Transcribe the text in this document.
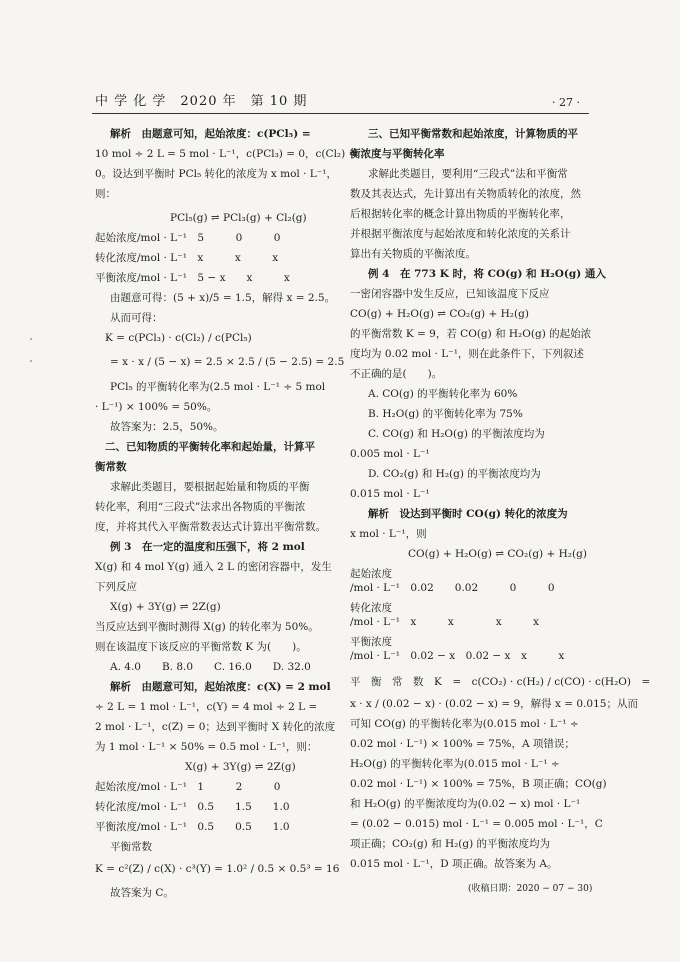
中 学 化 学　2020 年　第 10 期	· 27 ·
解析　由题意可知，起始浓度：c(PCl₅) =
10 mol ÷ 2 L = 5 mol · L⁻¹，c(PCl₃) = 0，c(Cl₂) =
0。设达到平衡时 PCl₅ 转化的浓度为 x mol · L⁻¹，
则：
PCl₅(g) ⇌ PCl₃(g) + Cl₂(g)
起始浓度/mol · L⁻¹　5　　　0　　　0
转化浓度/mol · L⁻¹　x　　　x　　　x
平衡浓度/mol · L⁻¹　5 − x　　x　　　x
由题意可得：(5 + x)/5 = 1.5，解得 x = 2.5。
从而可得：
K = c(PCl₃) · c(Cl₂) / c(PCl₅)
= x · x / (5 − x) = 2.5 × 2.5 / (5 − 2.5) = 2.5
PCl₅ 的平衡转化率为(2.5 mol · L⁻¹ ÷ 5 mol
· L⁻¹) × 100% = 50%。
故答案为：2.5，50%。
二、已知物质的平衡转化率和起始量，计算平
衡常数
求解此类题目，要根据起始量和物质的平衡
转化率，利用“三段式”法求出各物质的平衡浓
度，并将其代入平衡常数表达式计算出平衡常数。
例 3　在一定的温度和压强下，将 2 mol
X(g) 和 4 mol Y(g) 通入 2 L 的密闭容器中，发生
下列反应
X(g) + 3Y(g) ⇌ 2Z(g)
当反应达到平衡时测得 X(g) 的转化率为 50%。
则在该温度下该反应的平衡常数 K 为(　　)。
A. 4.0　　B. 8.0　　C. 16.0　　D. 32.0
解析　由题意可知，起始浓度：c(X) = 2 mol
÷ 2 L = 1 mol · L⁻¹，c(Y) = 4 mol ÷ 2 L =
2 mol · L⁻¹，c(Z) = 0；达到平衡时 X 转化的浓度
为 1 mol · L⁻¹ × 50% = 0.5 mol · L⁻¹，则：
X(g) + 3Y(g) ⇌ 2Z(g)
起始浓度/mol · L⁻¹　1　　　2　　　0
转化浓度/mol · L⁻¹　0.5　　1.5　　1.0
平衡浓度/mol · L⁻¹　0.5　　0.5　　1.0
平衡常数
K = c²(Z) / c(X) · c³(Y) = 1.0² / 0.5 × 0.5³ = 16
故答案为 C。
三、已知平衡常数和起始浓度，计算物质的平
衡浓度与平衡转化率
求解此类题目，要利用“三段式”法和平衡常
数及其表达式，先计算出有关物质转化的浓度，然
后根据转化率的概念计算出物质的平衡转化率，
并根据平衡浓度与起始浓度和转化浓度的关系计
算出有关物质的平衡浓度。
例 4　在 773 K 时，将 CO(g) 和 H₂O(g) 通入
一密闭容器中发生反应，已知该温度下反应
CO(g) + H₂O(g) ⇌ CO₂(g) + H₂(g)
的平衡常数 K = 9，若 CO(g) 和 H₂O(g) 的起始浓
度均为 0.02 mol · L⁻¹，则在此条件下，下列叙述
不正确的是(　　)。
A. CO(g) 的平衡转化率为 60%
B. H₂O(g) 的平衡转化率为 75%
C. CO(g) 和 H₂O(g) 的平衡浓度均为
0.005 mol · L⁻¹
D. CO₂(g) 和 H₂(g) 的平衡浓度均为
0.015 mol · L⁻¹
解析　设达到平衡时 CO(g) 转化的浓度为
x mol · L⁻¹，则
CO(g) + H₂O(g) ⇌ CO₂(g) + H₂(g)
起始浓度
/mol · L⁻¹　0.02　　0.02　　　0　　　0
转化浓度
/mol · L⁻¹　x　　　x　　　　x　　　x
平衡浓度
/mol · L⁻¹　0.02 − x　0.02 − x　x　　　x
平　衡　常　数　K　=　c(CO₂) · c(H₂) / c(CO) · c(H₂O)　=
x · x / (0.02 − x) · (0.02 − x) = 9，解得 x = 0.015；从而
可知 CO(g) 的平衡转化率为(0.015 mol · L⁻¹ ÷
0.02 mol · L⁻¹) × 100% = 75%，A 项错误；
H₂O(g) 的平衡转化率为(0.015 mol · L⁻¹ ÷
0.02 mol · L⁻¹) × 100% = 75%，B 项正确；CO(g)
和 H₂O(g) 的平衡浓度均为(0.02 − x) mol · L⁻¹
= (0.02 − 0.015) mol · L⁻¹ = 0.005 mol · L⁻¹，C
项正确；CO₂(g) 和 H₂(g) 的平衡浓度均为
0.015 mol · L⁻¹，D 项正确。故答案为 A。
(收稿日期：2020 − 07 − 30)
